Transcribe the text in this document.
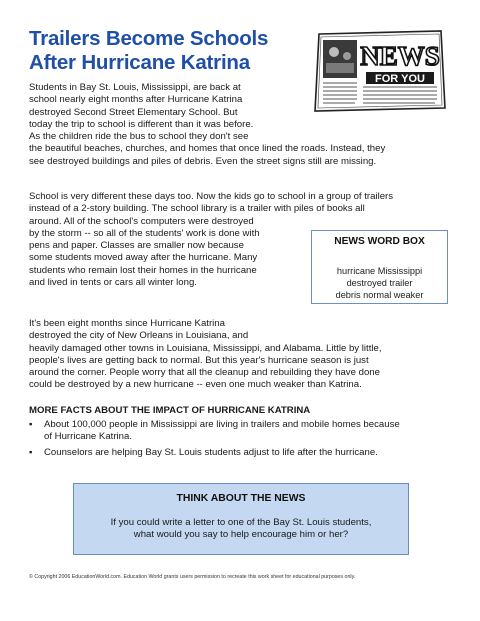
Trailers Become Schools
After Hurricane Katrina	NEWS
FOR YOU
Students in Bay St. Louis, Mississippi, are back at
school nearly eight months after Hurricane Katrina
destroyed Second Street Elementary School. But
today the trip to school is different than it was before.
As the children ride the bus to school they don't see
the beautiful beaches, churches, and homes that once lined the roads. Instead, they
see destroyed buildings and piles of debris. Even the street signs still are missing.
School is very different these days too. Now the kids go to school in a group of trailers
instead of a 2-story building. The school library is a trailer with piles of books all
around. All of the school's computers were destroyed
by the storm -- so all of the students' work is done with
pens and paper. Classes are smaller now because
some students moved away after the hurricane. Many
students who remain lost their homes in the hurricane
and lived in tents or cars all winter long.
NEWS WORD BOX
hurricane Mississippi
destroyed trailer
debris normal weaker
It's been eight months since Hurricane Katrina
destroyed the city of New Orleans in Louisiana, and
heavily damaged other towns in Louisiana, Mississippi, and Alabama. Little by little,
people's lives are getting back to normal. But this year's hurricane season is just
around the corner. People worry that all the cleanup and rebuilding they have done
could be destroyed by a new hurricane -- even one much weaker than Katrina.
MORE FACTS ABOUT THE IMPACT OF HURRICANE KATRINA
▪ About 100,000 people in Mississippi are living in trailers and mobile homes because
of Hurricane Katrina.
▪ Counselors are helping Bay St. Louis students adjust to life after the hurricane.
THINK ABOUT THE NEWS
If you could write a letter to one of the Bay St. Louis students,
what would you say to help encourage him or her?
© Copyright 2006 EducationWorld.com. Education World grants users permission to recreate this work sheet for educational purposes only.
